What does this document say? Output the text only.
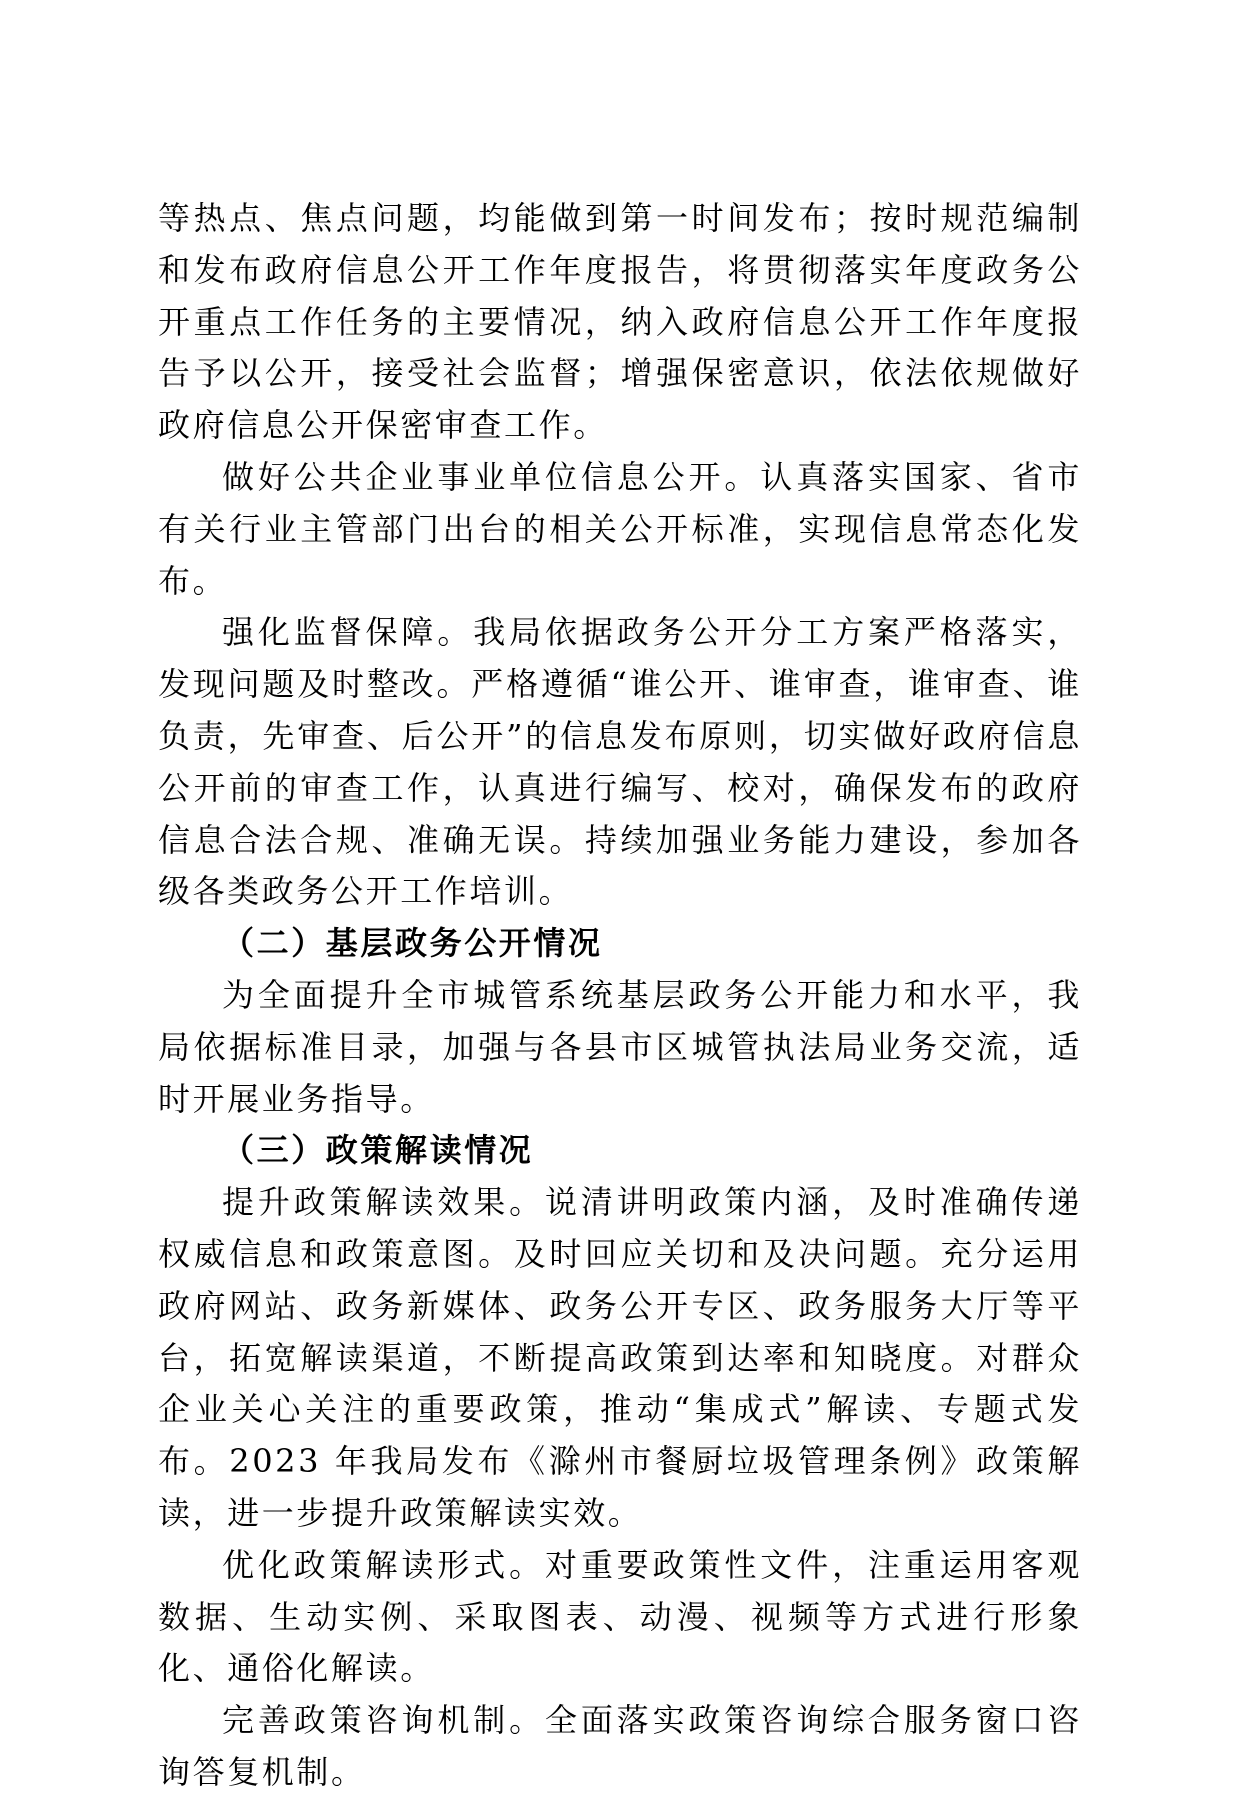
等热点、焦点问题，均能做到第一时间发布；按时规范编制和发布政府信息公开工作年度报告，将贯彻落实年度政务公开重点工作任务的主要情况，纳入政府信息公开工作年度报告予以公开，接受社会监督；增强保密意识，依法依规做好政府信息公开保密审查工作。

做好公共企业事业单位信息公开。认真落实国家、省市有关行业主管部门出台的相关公开标准，实现信息常态化发布。

强化监督保障。我局依据政务公开分工方案严格落实，发现问题及时整改。严格遵循“谁公开、谁审查，谁审查、谁负责，先审查、后公开”的信息发布原则，切实做好政府信息公开前的审查工作，认真进行编写、校对，确保发布的政府信息合法合规、准确无误。持续加强业务能力建设，参加各级各类政务公开工作培训。

（二）基层政务公开情况

为全面提升全市城管系统基层政务公开能力和水平，我局依据标准目录，加强与各县市区城管执法局业务交流，适时开展业务指导。

（三）政策解读情况

提升政策解读效果。说清讲明政策内涵，及时准确传递权威信息和政策意图。及时回应关切和及决问题。充分运用政府网站、政务新媒体、政务公开专区、政务服务大厅等平台，拓宽解读渠道，不断提高政策到达率和知晓度。对群众企业关心关注的重要政策，推动“集成式”解读、专题式发布。2023 年我局发布《滁州市餐厨垃圾管理条例》政策解读，进一步提升政策解读实效。

优化政策解读形式。对重要政策性文件，注重运用客观数据、生动实例、采取图表、动漫、视频等方式进行形象化、通俗化解读。

完善政策咨询机制。全面落实政策咨询综合服务窗口咨询答复机制。
